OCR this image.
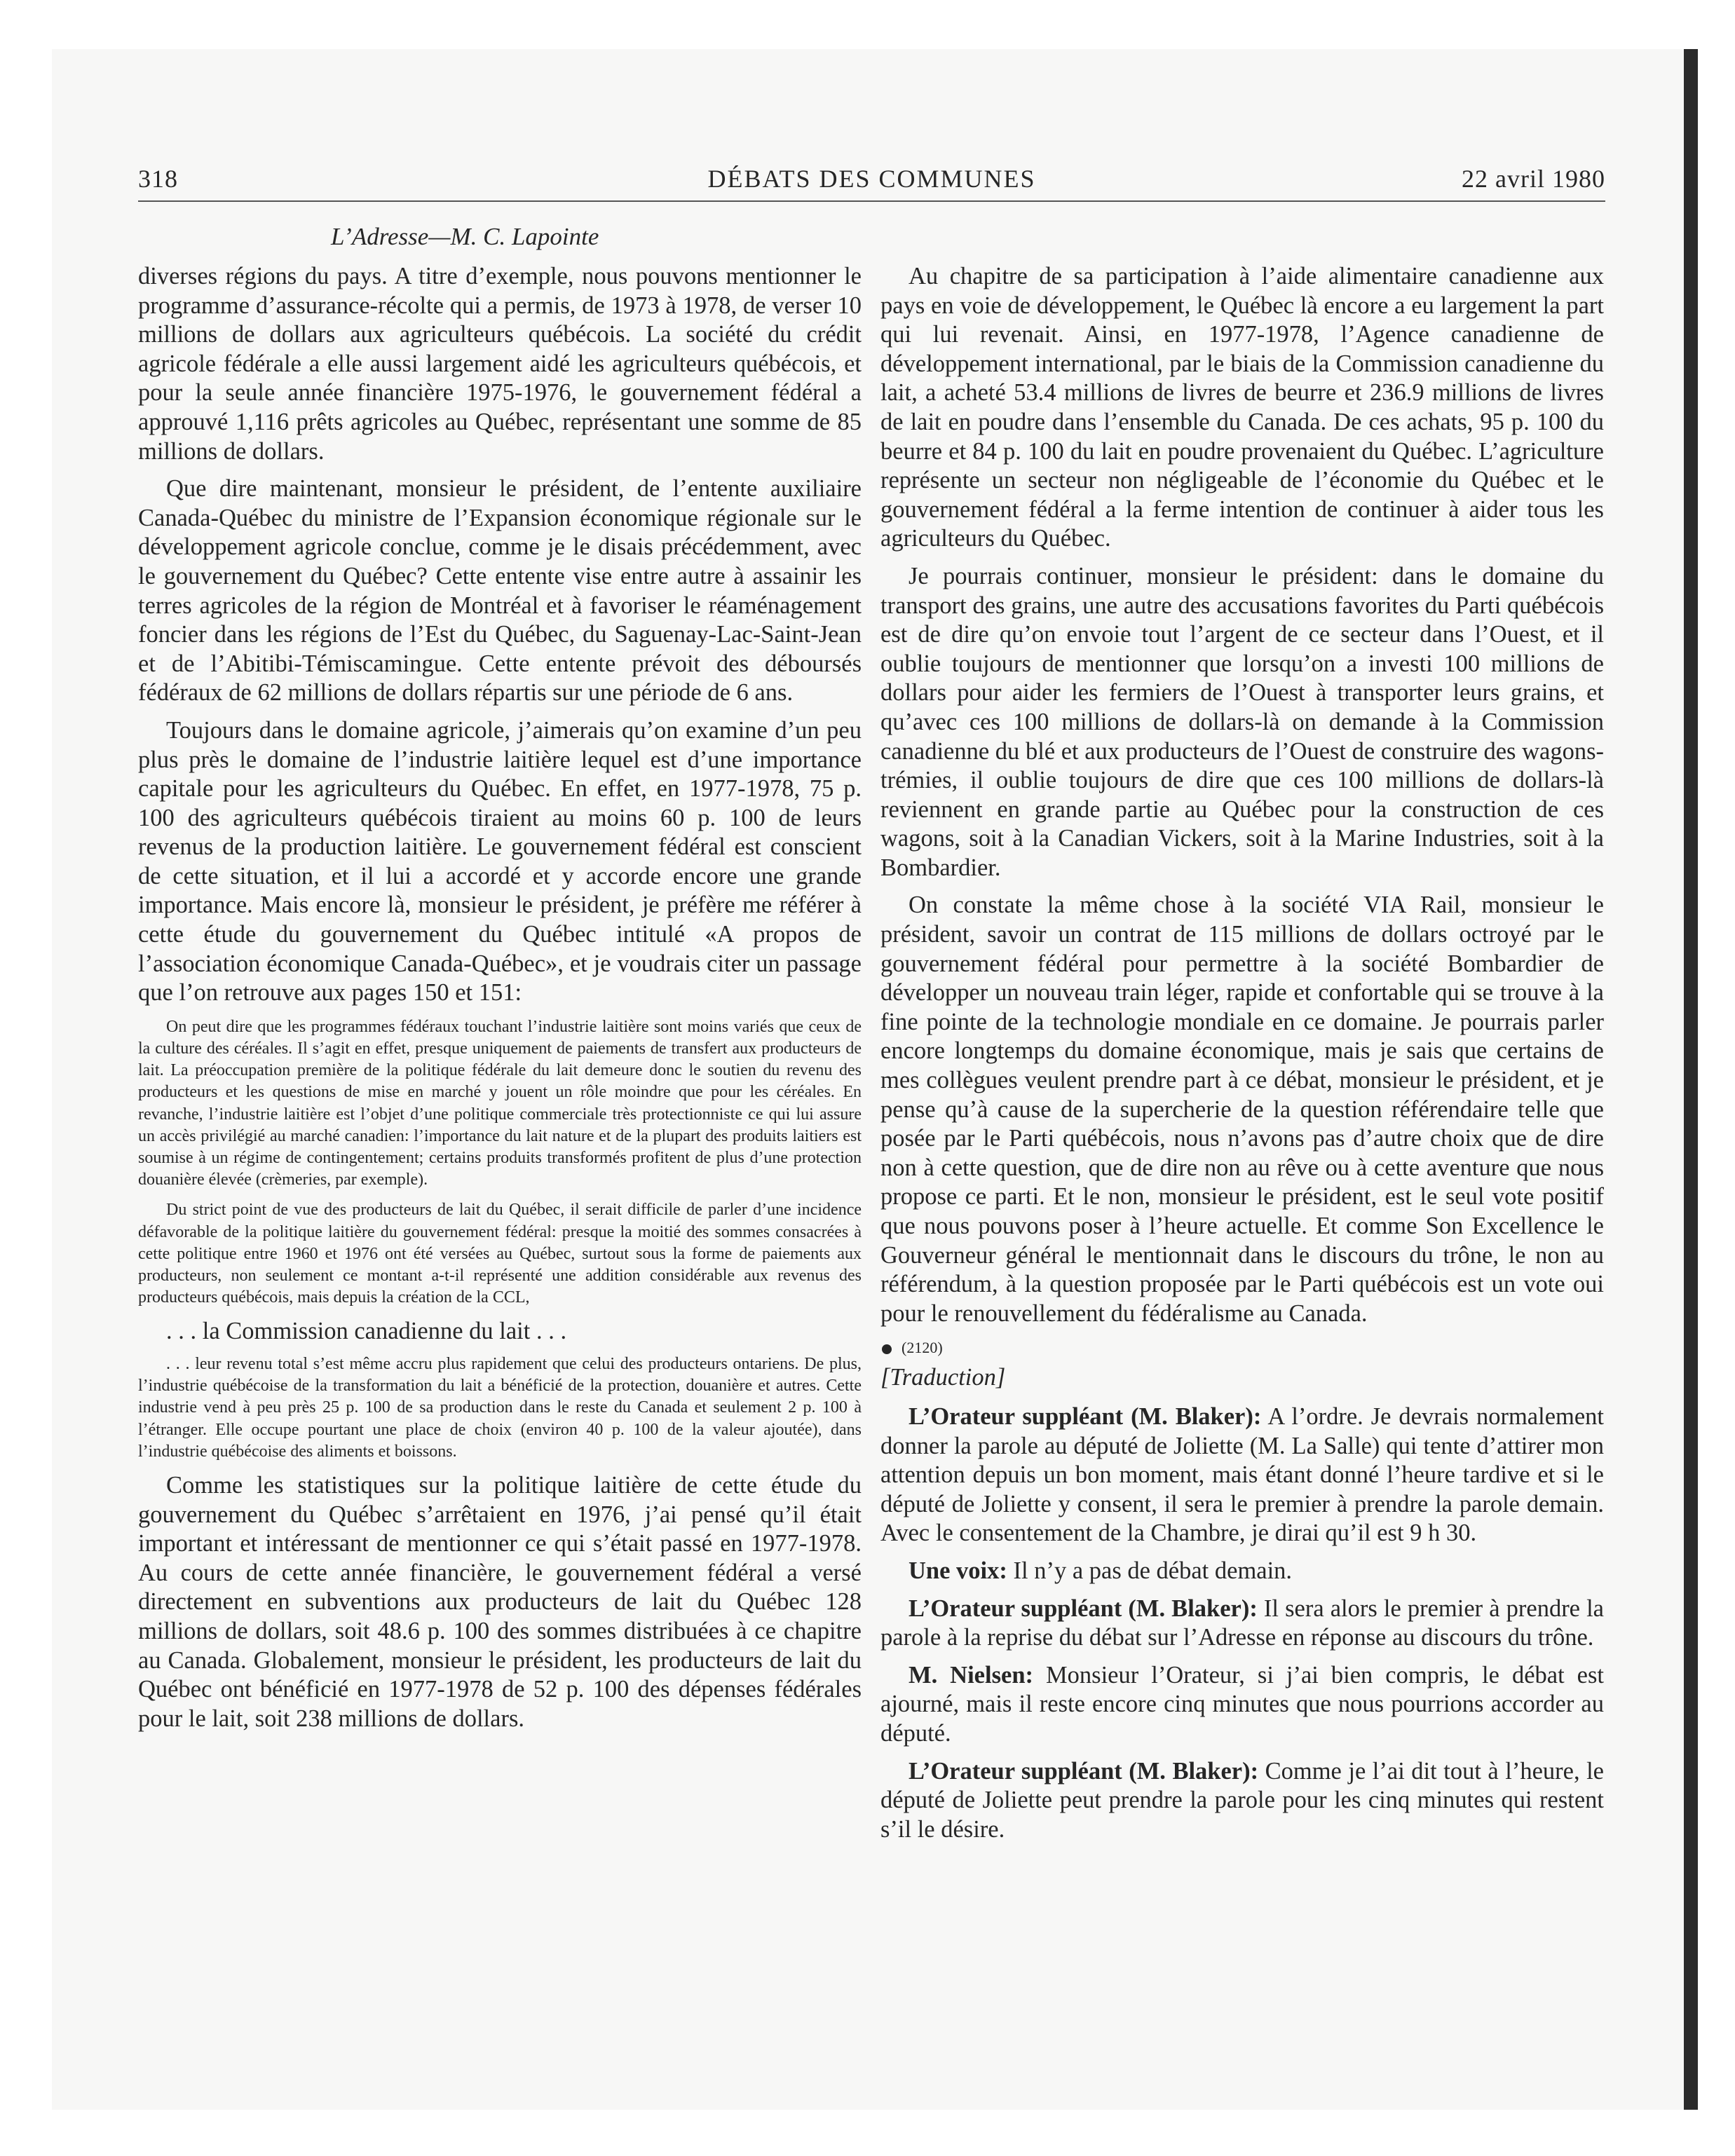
318	DÉBATS DES COMMUNES	22 avril 1980
L’Adresse—M. C. Lapointe

diverses régions du pays. A titre d’exemple, nous pouvons mentionner le programme d’assurance-récolte qui a permis, de 1973 à 1978, de verser 10 millions de dollars aux agriculteurs québécois. La société du crédit agricole fédérale a elle aussi largement aidé les agriculteurs québécois, et pour la seule année financière 1975-1976, le gouvernement fédéral a approuvé 1,116 prêts agricoles au Québec, représentant une somme de 85 millions de dollars.

Que dire maintenant, monsieur le président, de l’entente auxiliaire Canada-Québec du ministre de l’Expansion économique régionale sur le développement agricole conclue, comme je le disais précédemment, avec le gouvernement du Québec? Cette entente vise entre autre à assainir les terres agricoles de la région de Montréal et à favoriser le réaménagement foncier dans les régions de l’Est du Québec, du Saguenay-Lac-Saint-Jean et de l’Abitibi-Témiscamingue. Cette entente prévoit des déboursés fédéraux de 62 millions de dollars répartis sur une période de 6 ans.

Toujours dans le domaine agricole, j’aimerais qu’on examine d’un peu plus près le domaine de l’industrie laitière lequel est d’une importance capitale pour les agriculteurs du Québec. En effet, en 1977-1978, 75 p. 100 des agriculteurs québécois tiraient au moins 60 p. 100 de leurs revenus de la production laitière. Le gouvernement fédéral est conscient de cette situation, et il lui a accordé et y accorde encore une grande importance. Mais encore là, monsieur le président, je préfère me référer à cette étude du gouvernement du Québec intitulé «A propos de l’association économique Canada-Québec», et je voudrais citer un passage que l’on retrouve aux pages 150 et 151:

On peut dire que les programmes fédéraux touchant l’industrie laitière sont moins variés que ceux de la culture des céréales. Il s’agit en effet, presque uniquement de paiements de transfert aux producteurs de lait. La préoccupation première de la politique fédérale du lait demeure donc le soutien du revenu des producteurs et les questions de mise en marché y jouent un rôle moindre que pour les céréales. En revanche, l’industrie laitière est l’objet d’une politique commerciale très protectionniste ce qui lui assure un accès privilégié au marché canadien: l’importance du lait nature et de la plupart des produits laitiers est soumise à un régime de contingentement; certains produits transformés profitent de plus d’une protection douanière élevée (crèmeries, par exemple).

Du strict point de vue des producteurs de lait du Québec, il serait difficile de parler d’une incidence défavorable de la politique laitière du gouvernement fédéral: presque la moitié des sommes consacrées à cette politique entre 1960 et 1976 ont été versées au Québec, surtout sous la forme de paiements aux producteurs, non seulement ce montant a-t-il représenté une addition considérable aux revenus des producteurs québécois, mais depuis la création de la CCL,

. . . la Commission canadienne du lait . . .

. . . leur revenu total s’est même accru plus rapidement que celui des producteurs ontariens. De plus, l’industrie québécoise de la transformation du lait a bénéficié de la protection, douanière et autres. Cette industrie vend à peu près 25 p. 100 de sa production dans le reste du Canada et seulement 2 p. 100 à l’étranger. Elle occupe pourtant une place de choix (environ 40 p. 100 de la valeur ajoutée), dans l’industrie québécoise des aliments et boissons.

Comme les statistiques sur la politique laitière de cette étude du gouvernement du Québec s’arrêtaient en 1976, j’ai pensé qu’il était important et intéressant de mentionner ce qui s’était passé en 1977-1978. Au cours de cette année financière, le gouvernement fédéral a versé directement en subventions aux producteurs de lait du Québec 128 millions de dollars, soit 48.6 p. 100 des sommes distribuées à ce chapitre au Canada. Globalement, monsieur le président, les producteurs de lait du Québec ont bénéficié en 1977-1978 de 52 p. 100 des dépenses fédérales pour le lait, soit 238 millions de dollars.

Au chapitre de sa participation à l’aide alimentaire canadienne aux pays en voie de développement, le Québec là encore a eu largement la part qui lui revenait. Ainsi, en 1977-1978, l’Agence canadienne de développement international, par le biais de la Commission canadienne du lait, a acheté 53.4 millions de livres de beurre et 236.9 millions de livres de lait en poudre dans l’ensemble du Canada. De ces achats, 95 p. 100 du beurre et 84 p. 100 du lait en poudre provenaient du Québec. L’agriculture représente un secteur non négligeable de l’économie du Québec et le gouvernement fédéral a la ferme intention de continuer à aider tous les agriculteurs du Québec.

Je pourrais continuer, monsieur le président: dans le domaine du transport des grains, une autre des accusations favorites du Parti québécois est de dire qu’on envoie tout l’argent de ce secteur dans l’Ouest, et il oublie toujours de mentionner que lorsqu’on a investi 100 millions de dollars pour aider les fermiers de l’Ouest à transporter leurs grains, et qu’avec ces 100 millions de dollars-là on demande à la Commission canadienne du blé et aux producteurs de l’Ouest de construire des wagons-trémies, il oublie toujours de dire que ces 100 millions de dollars-là reviennent en grande partie au Québec pour la construction de ces wagons, soit à la Canadian Vickers, soit à la Marine Industries, soit à la Bombardier.

On constate la même chose à la société VIA Rail, monsieur le président, savoir un contrat de 115 millions de dollars octroyé par le gouvernement fédéral pour permettre à la société Bombardier de développer un nouveau train léger, rapide et confortable qui se trouve à la fine pointe de la technologie mondiale en ce domaine. Je pourrais parler encore longtemps du domaine économique, mais je sais que certains de mes collègues veulent prendre part à ce débat, monsieur le président, et je pense qu’à cause de la supercherie de la question référendaire telle que posée par le Parti québécois, nous n’avons pas d’autre choix que de dire non à cette question, que de dire non au rêve ou à cette aventure que nous propose ce parti. Et le non, monsieur le président, est le seul vote positif que nous pouvons poser à l’heure actuelle. Et comme Son Excellence le Gouverneur général le mentionnait dans le discours du trône, le non au référendum, à la question proposée par le Parti québécois est un vote oui pour le renouvellement du fédéralisme au Canada.

(2120)

[Traduction]

L’Orateur suppléant (M. Blaker): A l’ordre. Je devrais normalement donner la parole au député de Joliette (M. La Salle) qui tente d’attirer mon attention depuis un bon moment, mais étant donné l’heure tardive et si le député de Joliette y consent, il sera le premier à prendre la parole demain. Avec le consentement de la Chambre, je dirai qu’il est 9 h 30.

Une voix: Il n’y a pas de débat demain.

L’Orateur suppléant (M. Blaker): Il sera alors le premier à prendre la parole à la reprise du débat sur l’Adresse en réponse au discours du trône.

M. Nielsen: Monsieur l’Orateur, si j’ai bien compris, le débat est ajourné, mais il reste encore cinq minutes que nous pourrions accorder au député.

L’Orateur suppléant (M. Blaker): Comme je l’ai dit tout à l’heure, le député de Joliette peut prendre la parole pour les cinq minutes qui restent s’il le désire.
